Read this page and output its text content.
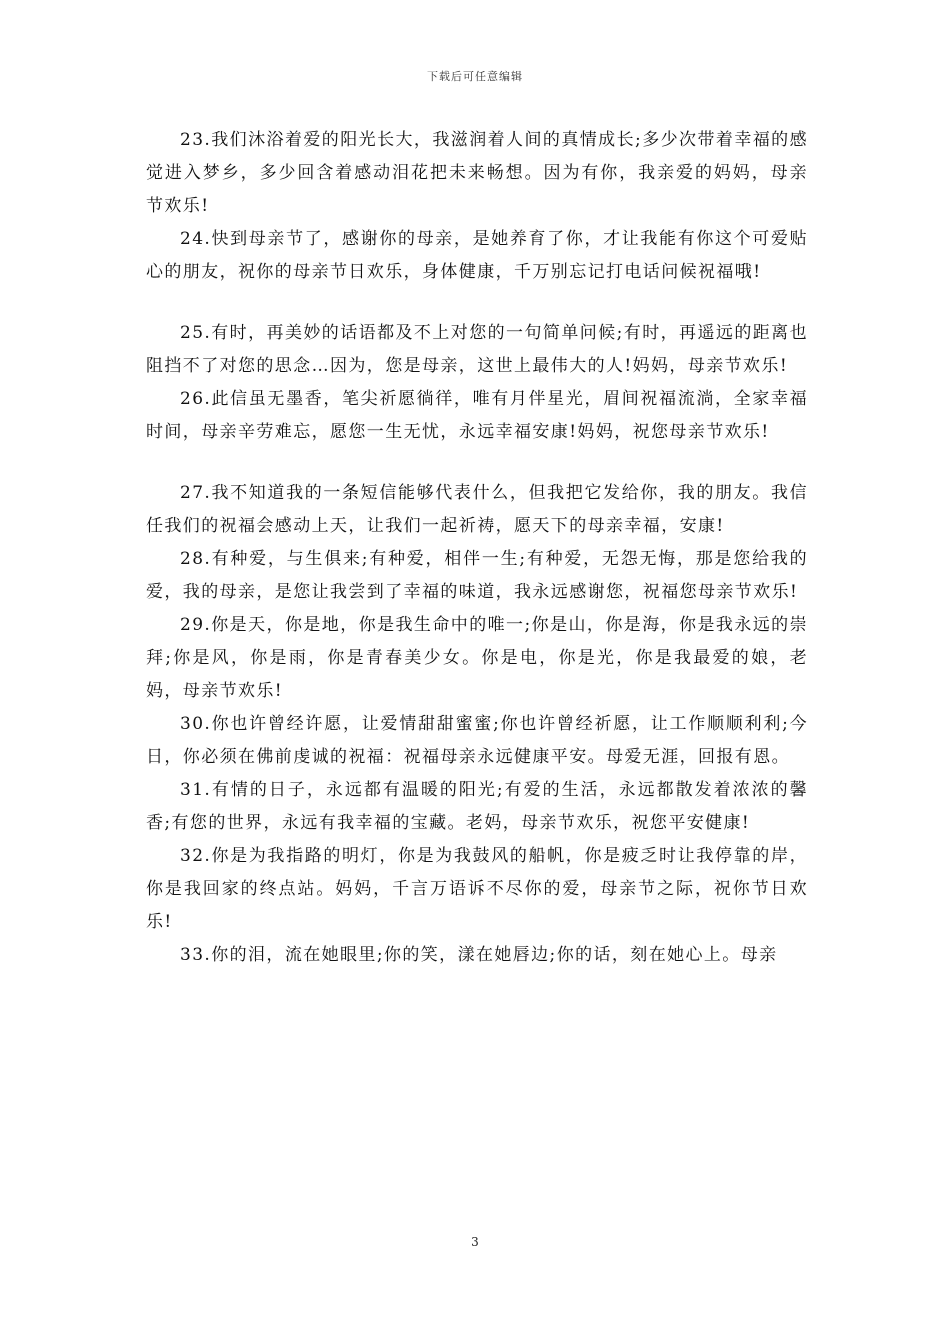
下载后可任意编辑

23.我们沐浴着爱的阳光长大，我滋润着人间的真情成长;多少次带着幸福的感觉进入梦乡，多少回含着感动泪花把未来畅想。因为有你，我亲爱的妈妈，母亲节欢乐!

24.快到母亲节了，感谢你的母亲，是她养育了你，才让我能有你这个可爱贴心的朋友，祝你的母亲节日欢乐，身体健康，千万别忘记打电话问候祝福哦!

25.有时，再美妙的话语都及不上对您的一句简单问候;有时，再遥远的距离也阻挡不了对您的思念…因为，您是母亲，这世上最伟大的人!妈妈，母亲节欢乐!

26.此信虽无墨香，笔尖祈愿徜徉，唯有月伴星光，眉间祝福流淌，全家幸福时间，母亲辛劳难忘，愿您一生无忧，永远幸福安康!妈妈，祝您母亲节欢乐!

27.我不知道我的一条短信能够代表什么，但我把它发给你，我的朋友。我信任我们的祝福会感动上天，让我们一起祈祷，愿天下的母亲幸福，安康!

28.有种爱，与生俱来;有种爱，相伴一生;有种爱，无怨无悔，那是您给我的爱，我的母亲，是您让我尝到了幸福的味道，我永远感谢您，祝福您母亲节欢乐!

29.你是天，你是地，你是我生命中的唯一;你是山，你是海，你是我永远的崇拜;你是风，你是雨，你是青春美少女。你是电，你是光，你是我最爱的娘，老妈，母亲节欢乐!

30.你也许曾经许愿，让爱情甜甜蜜蜜;你也许曾经祈愿，让工作顺顺利利;今日，你必须在佛前虔诚的祝福：祝福母亲永远健康平安。母爱无涯，回报有恩。

31.有情的日子，永远都有温暖的阳光;有爱的生活，永远都散发着浓浓的馨香;有您的世界，永远有我幸福的宝藏。老妈，母亲节欢乐，祝您平安健康!

32.你是为我指路的明灯，你是为我鼓风的船帆，你是疲乏时让我停靠的岸，你是我回家的终点站。妈妈，千言万语诉不尽你的爱，母亲节之际，祝你节日欢乐!

33.你的泪，流在她眼里;你的笑，漾在她唇边;你的话，刻在她心上。母亲

3
